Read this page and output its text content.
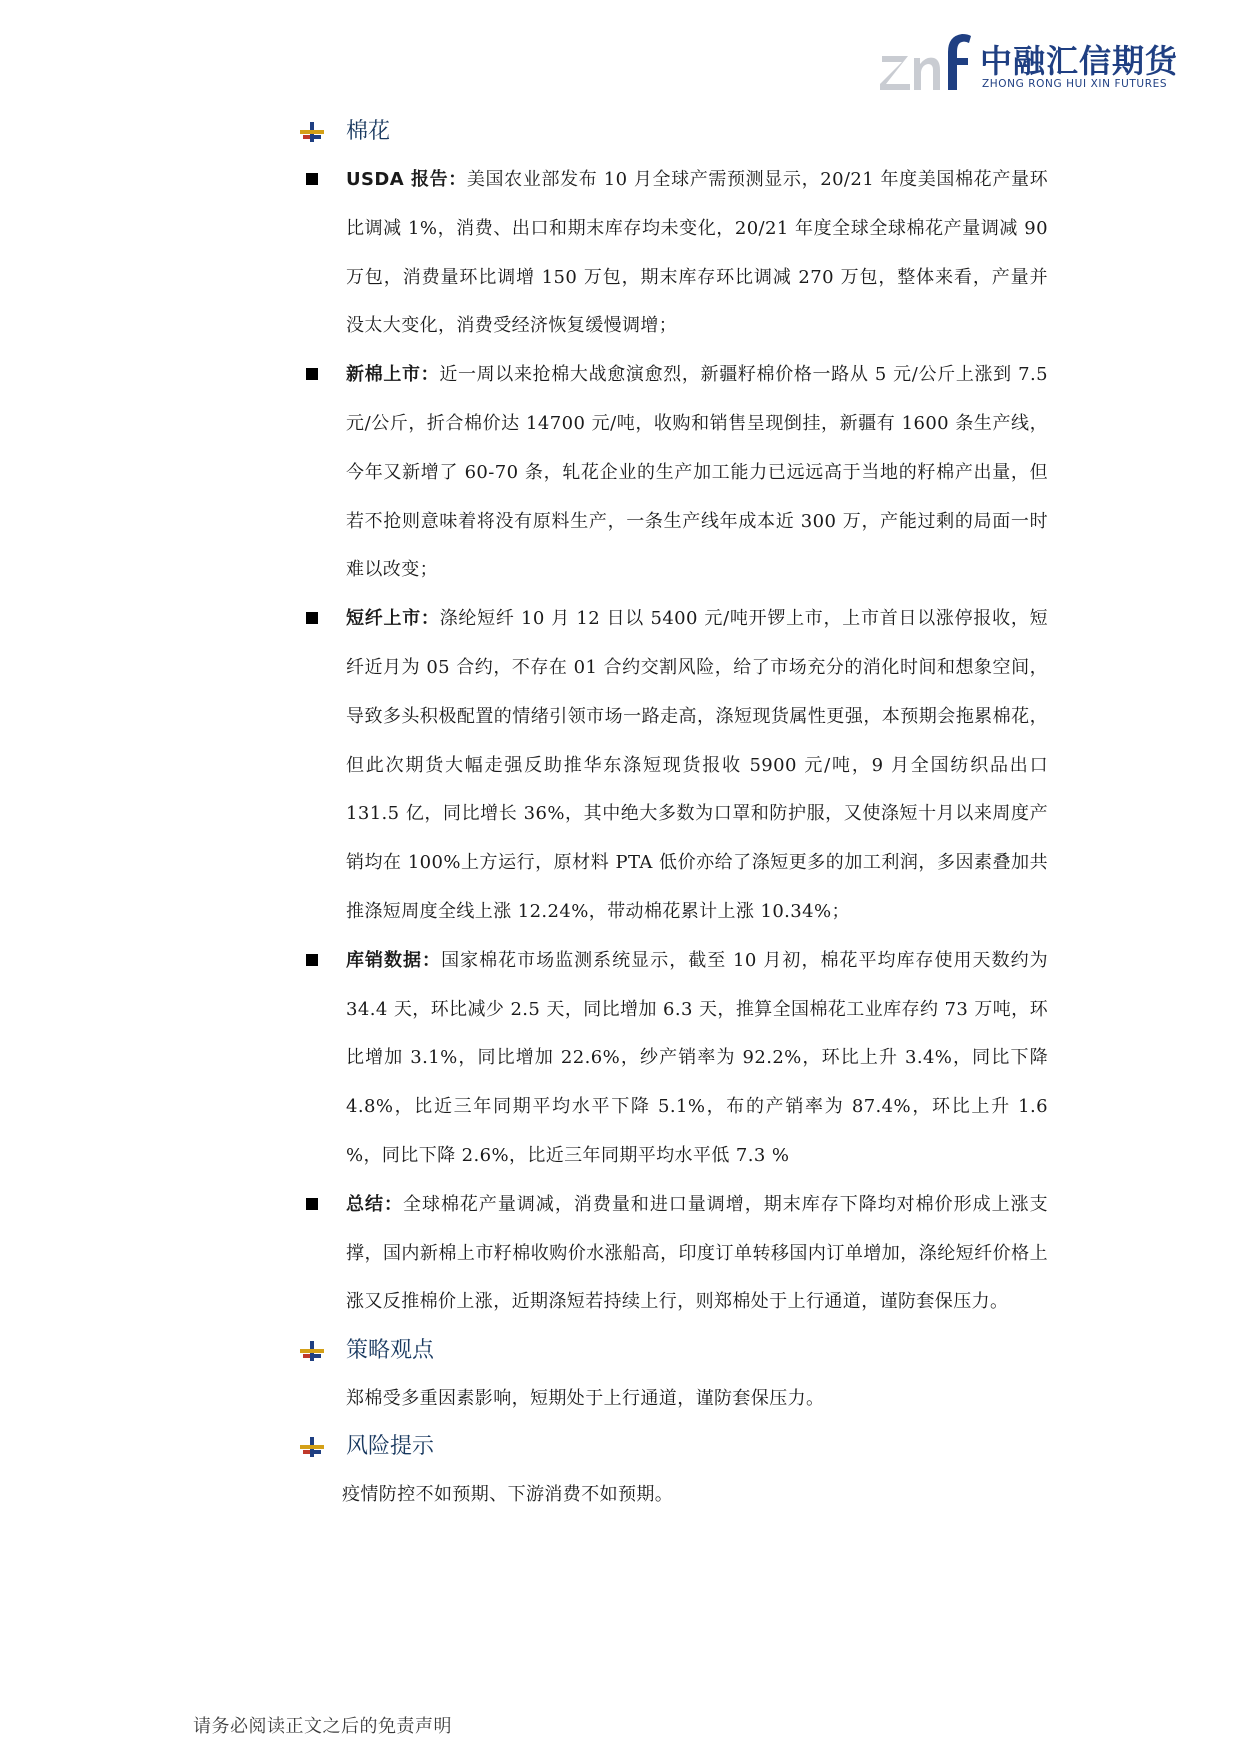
中融汇信期货
ZHONG RONG HUI XIN FUTURES
棉花
USDA 报告：美国农业部发布 10 月全球产需预测显示，20/21 年度美国棉花产量环比调减 1%，消费、出口和期末库存均未变化，20/21 年度全球全球棉花产量调减 90 万包，消费量环比调增 150 万包，期末库存环比调减 270 万包，整体来看，产量并没太大变化，消费受经济恢复缓慢调增；
新棉上市：近一周以来抢棉大战愈演愈烈，新疆籽棉价格一路从 5 元/公斤上涨到 7.5 元/公斤，折合棉价达 14700 元/吨，收购和销售呈现倒挂，新疆有 1600 条生产线，今年又新增了 60-70 条，轧花企业的生产加工能力已远远高于当地的籽棉产出量，但若不抢则意味着将没有原料生产，一条生产线年成本近 300 万，产能过剩的局面一时难以改变；
短纤上市：涤纶短纤 10 月 12 日以 5400 元/吨开锣上市，上市首日以涨停报收，短纤近月为 05 合约，不存在 01 合约交割风险，给了市场充分的消化时间和想象空间，导致多头积极配置的情绪引领市场一路走高，涤短现货属性更强，本预期会拖累棉花，但此次期货大幅走强反助推华东涤短现货报收 5900 元/吨，9 月全国纺织品出口 131.5 亿，同比增长 36%，其中绝大多数为口罩和防护服，又使涤短十月以来周度产销均在 100%上方运行，原材料 PTA 低价亦给了涤短更多的加工利润，多因素叠加共推涤短周度全线上涨 12.24%，带动棉花累计上涨 10.34%；
库销数据：国家棉花市场监测系统显示，截至 10 月初，棉花平均库存使用天数约为 34.4 天，环比减少 2.5 天，同比增加 6.3 天，推算全国棉花工业库存约 73 万吨，环比增加 3.1%，同比增加 22.6%，纱产销率为 92.2%，环比上升 3.4%，同比下降 4.8%，比近三年同期平均水平下降 5.1%，布的产销率为 87.4%，环比上升 1.6 %，同比下降 2.6%，比近三年同期平均水平低 7.3 %
总结：全球棉花产量调减，消费量和进口量调增，期末库存下降均对棉价形成上涨支撑，国内新棉上市籽棉收购价水涨船高，印度订单转移国内订单增加，涤纶短纤价格上涨又反推棉价上涨，近期涤短若持续上行，则郑棉处于上行通道，谨防套保压力。
策略观点
郑棉受多重因素影响，短期处于上行通道，谨防套保压力。
风险提示
疫情防控不如预期、下游消费不如预期。
请务必阅读正文之后的免责声明
